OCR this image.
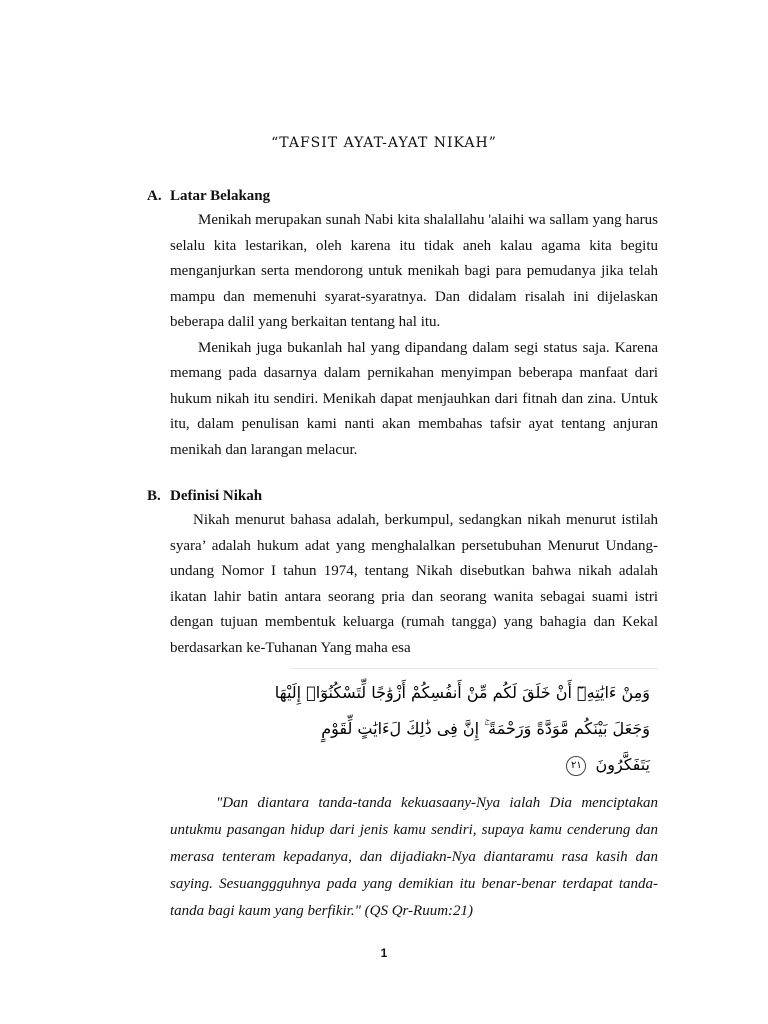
“TAFSIT AYAT-AYAT NIKAH”
A. Latar Belakang

Menikah merupakan sunah Nabi kita shalallahu 'alaihi wa sallam yang harus selalu kita lestarikan, oleh karena itu tidak aneh kalau agama kita begitu menganjurkan serta mendorong untuk menikah bagi para pemudanya jika telah mampu dan memenuhi syarat-syaratnya. Dan didalam risalah ini dijelaskan beberapa dalil yang berkaitan tentang hal itu.

Menikah juga bukanlah hal yang dipandang dalam segi status saja. Karena memang pada dasarnya dalam pernikahan menyimpan beberapa manfaat dari hukum nikah itu sendiri. Menikah dapat menjauhkan dari fitnah dan zina. Untuk itu, dalam penulisan kami nanti akan membahas tafsir ayat tentang anjuran menikah dan larangan melacur.

B. Definisi Nikah

Nikah menurut bahasa adalah, berkumpul, sedangkan nikah menurut istilah syara’ adalah hukum adat yang menghalalkan persetubuhan Menurut Undang-undang Nomor I tahun 1974, tentang Nikah disebutkan bahwa nikah adalah ikatan lahir batin antara seorang pria dan seorang wanita sebagai suami istri dengan tujuan membentuk keluarga (rumah tangga) yang bahagia dan Kekal berdasarkan ke-Tuhanan Yang maha esa

وَمِنْ ءَايَٰتِهِۦٓ أَنْ خَلَقَ لَكُم مِّنْ أَنفُسِكُمْ أَزْوَٰجًا لِّتَسْكُنُوٓا۟ إِلَيْهَا
وَجَعَلَ بَيْنَكُم مَّوَدَّةً وَرَحْمَةً ۚ إِنَّ فِى ذَٰلِكَ لَءَايَٰتٍ لِّقَوْمٍ
يَتَفَكَّرُونَ ٢١

"Dan diantara tanda-tanda kekuasaany-Nya ialah Dia menciptakan untukmu pasangan hidup dari jenis kamu sendiri, supaya kamu cenderung dan merasa tenteram kepadanya, dan dijadiakn-Nya diantaramu rasa kasih dan saying. Sesuanggguhnya pada yang demikian itu benar-benar terdapat tanda-tanda bagi kaum yang berfikir." (QS Qr-Ruum:21)

1
